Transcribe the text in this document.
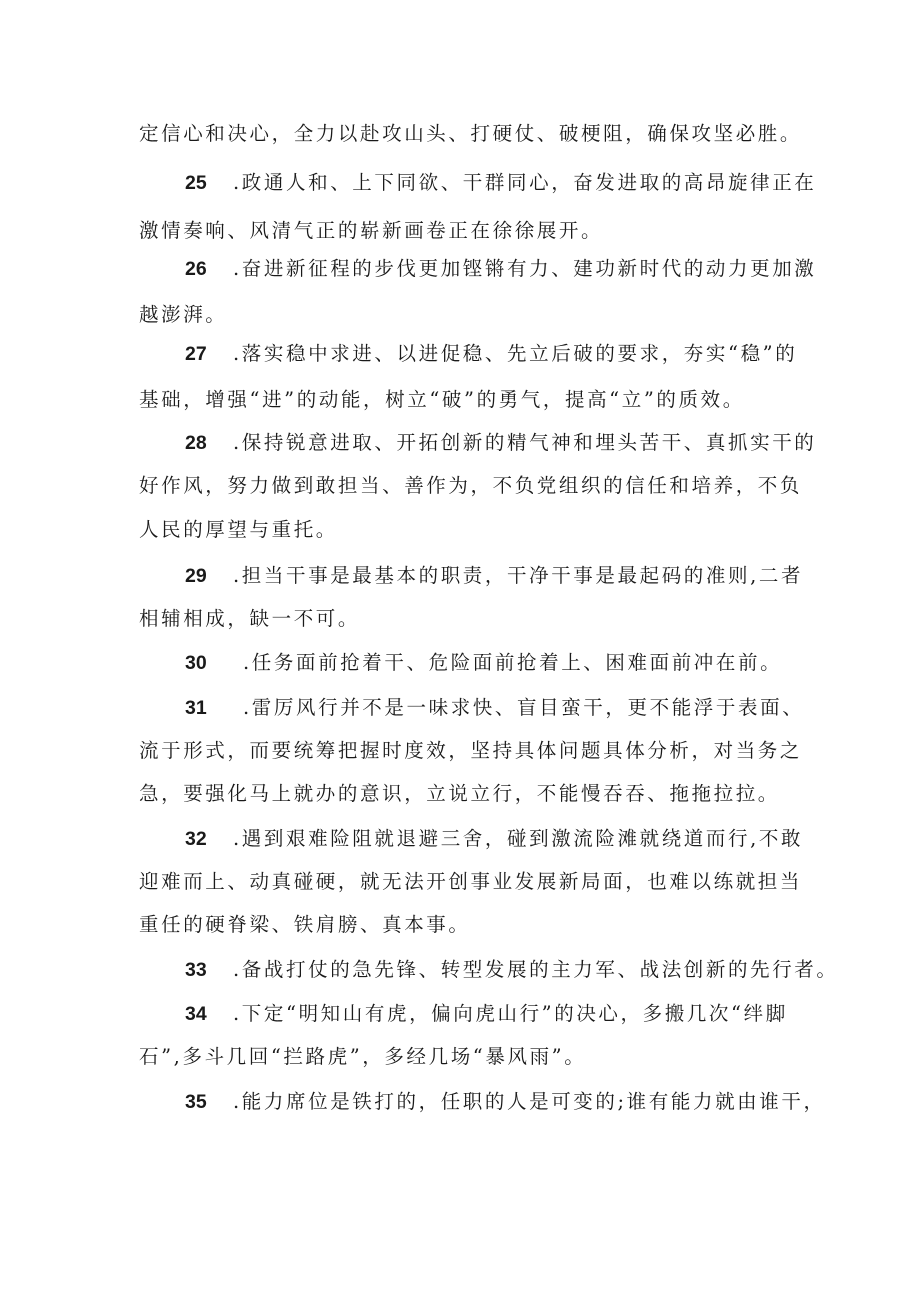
定信心和决心，全力以赴攻山头、打硬仗、破梗阻，确保攻坚必胜。
25 .政通人和、上下同欲、干群同心，奋发进取的高昂旋律正在
激情奏响、风清气正的崭新画卷正在徐徐展开。
26 .奋进新征程的步伐更加铿锵有力、建功新时代的动力更加激
越澎湃。
27 .落实稳中求进、以进促稳、先立后破的要求，夯实“稳”的
基础，增强“进”的动能，树立“破”的勇气，提高“立”的质效。
28 .保持锐意进取、开拓创新的精气神和埋头苦干、真抓实干的
好作风，努力做到敢担当、善作为，不负党组织的信任和培养，不负
人民的厚望与重托。
29 .担当干事是最基本的职责，干净干事是最起码的准则,二者
相辅相成，缺一不可。
30 .任务面前抢着干、危险面前抢着上、困难面前冲在前。
31 .雷厉风行并不是一味求快、盲目蛮干，更不能浮于表面、
流于形式，而要统筹把握时度效，坚持具体问题具体分析，对当务之
急，要强化马上就办的意识，立说立行，不能慢吞吞、拖拖拉拉。
32 .遇到艰难险阻就退避三舍，碰到激流险滩就绕道而行,不敢
迎难而上、动真碰硬，就无法开创事业发展新局面，也难以练就担当
重任的硬脊梁、铁肩膀、真本事。
33 .备战打仗的急先锋、转型发展的主力军、战法创新的先行者。
34 .下定“明知山有虎，偏向虎山行”的决心，多搬几次“绊脚
石”,多斗几回“拦路虎”，多经几场“暴风雨”。
35 .能力席位是铁打的，任职的人是可变的;谁有能力就由谁干，
